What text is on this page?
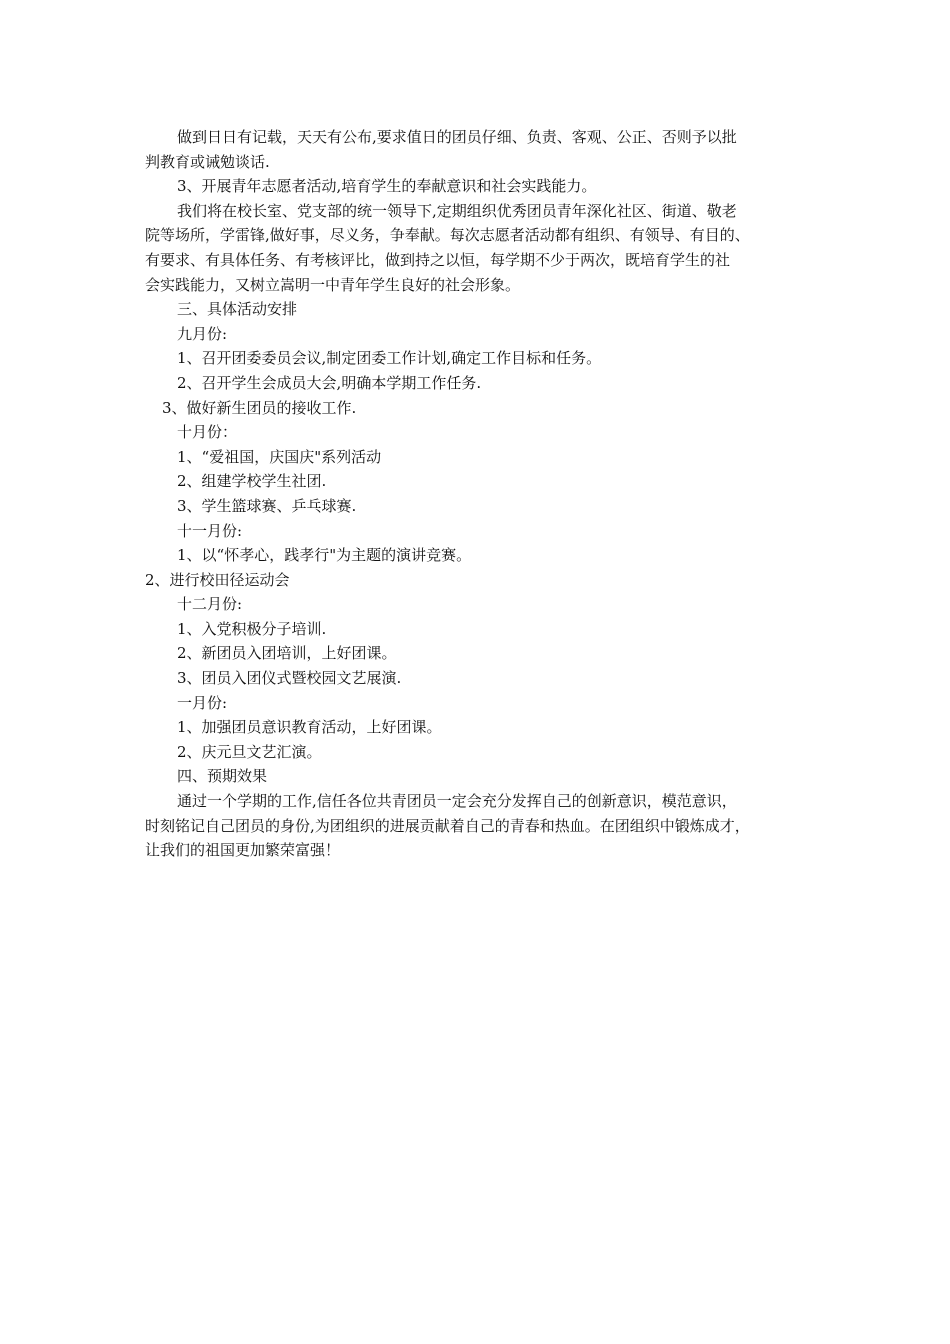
做到日日有记载，天天有公布,要求值日的团员仔细、负责、客观、公正、否则予以批
判教育或诫勉谈话.
3、开展青年志愿者活动,培育学生的奉献意识和社会实践能力。
我们将在校长室、党支部的统一领导下,定期组织优秀团员青年深化社区、街道、敬老
院等场所，学雷锋,做好事，尽义务，争奉献。每次志愿者活动都有组织、有领导、有目的、
有要求、有具体任务、有考核评比，做到持之以恒，每学期不少于两次，既培育学生的社
会实践能力，又树立嵩明一中青年学生良好的社会形象。
三、具体活动安排
九月份:
1、召开团委委员会议,制定团委工作计划,确定工作目标和任务。
2、召开学生会成员大会,明确本学期工作任务.
3、做好新生团员的接收工作.
十月份：
1、“爱祖国，庆国庆"系列活动
2、组建学校学生社团.
3、学生篮球赛、乒乓球赛.
十一月份:
1、以“怀孝心，践孝行"为主题的演讲竞赛。
2、进行校田径运动会
十二月份:
1、入党积极分子培训.
2、新团员入团培训，上好团课。
3、团员入团仪式暨校园文艺展演.
一月份:
1、加强团员意识教育活动，上好团课。
2、庆元旦文艺汇演。
四、预期效果
通过一个学期的工作,信任各位共青团员一定会充分发挥自己的创新意识，模范意识，
时刻铭记自己团员的身份,为团组织的进展贡献着自己的青春和热血。在团组织中锻炼成才，
让我们的祖国更加繁荣富强！
